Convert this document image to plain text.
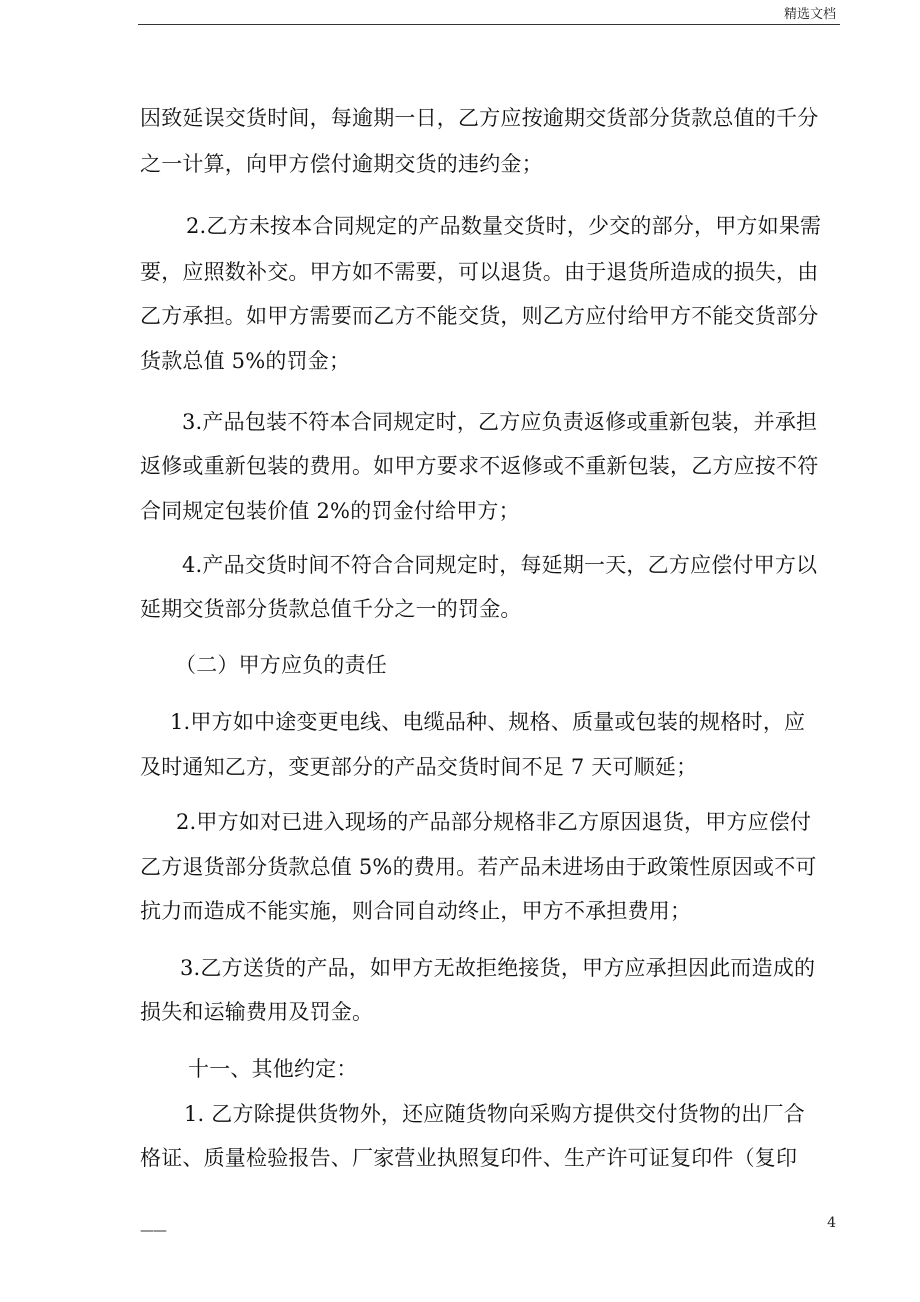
精选文档
因致延误交货时间，每逾期一日，乙方应按逾期交货部分货款总值的千分
之一计算，向甲方偿付逾期交货的违约金；
2.乙方未按本合同规定的产品数量交货时，少交的部分，甲方如果需
要，应照数补交。甲方如不需要，可以退货。由于退货所造成的损失，由
乙方承担。如甲方需要而乙方不能交货，则乙方应付给甲方不能交货部分
货款总值 5%的罚金；
3.产品包装不符本合同规定时，乙方应负责返修或重新包装，并承担
返修或重新包装的费用。如甲方要求不返修或不重新包装，乙方应按不符
合同规定包装价值 2%的罚金付给甲方；
4.产品交货时间不符合合同规定时，每延期一天，乙方应偿付甲方以
延期交货部分货款总值千分之一的罚金。
（二）甲方应负的责任
1.甲方如中途变更电线、电缆品种、规格、质量或包装的规格时，应
及时通知乙方，变更部分的产品交货时间不足 7 天可顺延；
2.甲方如对已进入现场的产品部分规格非乙方原因退货，甲方应偿付
乙方退货部分货款总值 5%的费用。若产品未进场由于政策性原因或不可
抗力而造成不能实施，则合同自动终止，甲方不承担费用；
3.乙方送货的产品，如甲方无故拒绝接货，甲方应承担因此而造成的
损失和运输费用及罚金。
十一、其他约定：
1. 乙方除提供货物外，还应随货物向采购方提供交付货物的出厂合
格证、质量检验报告、厂家营业执照复印件、生产许可证复印件（复印
——	4
